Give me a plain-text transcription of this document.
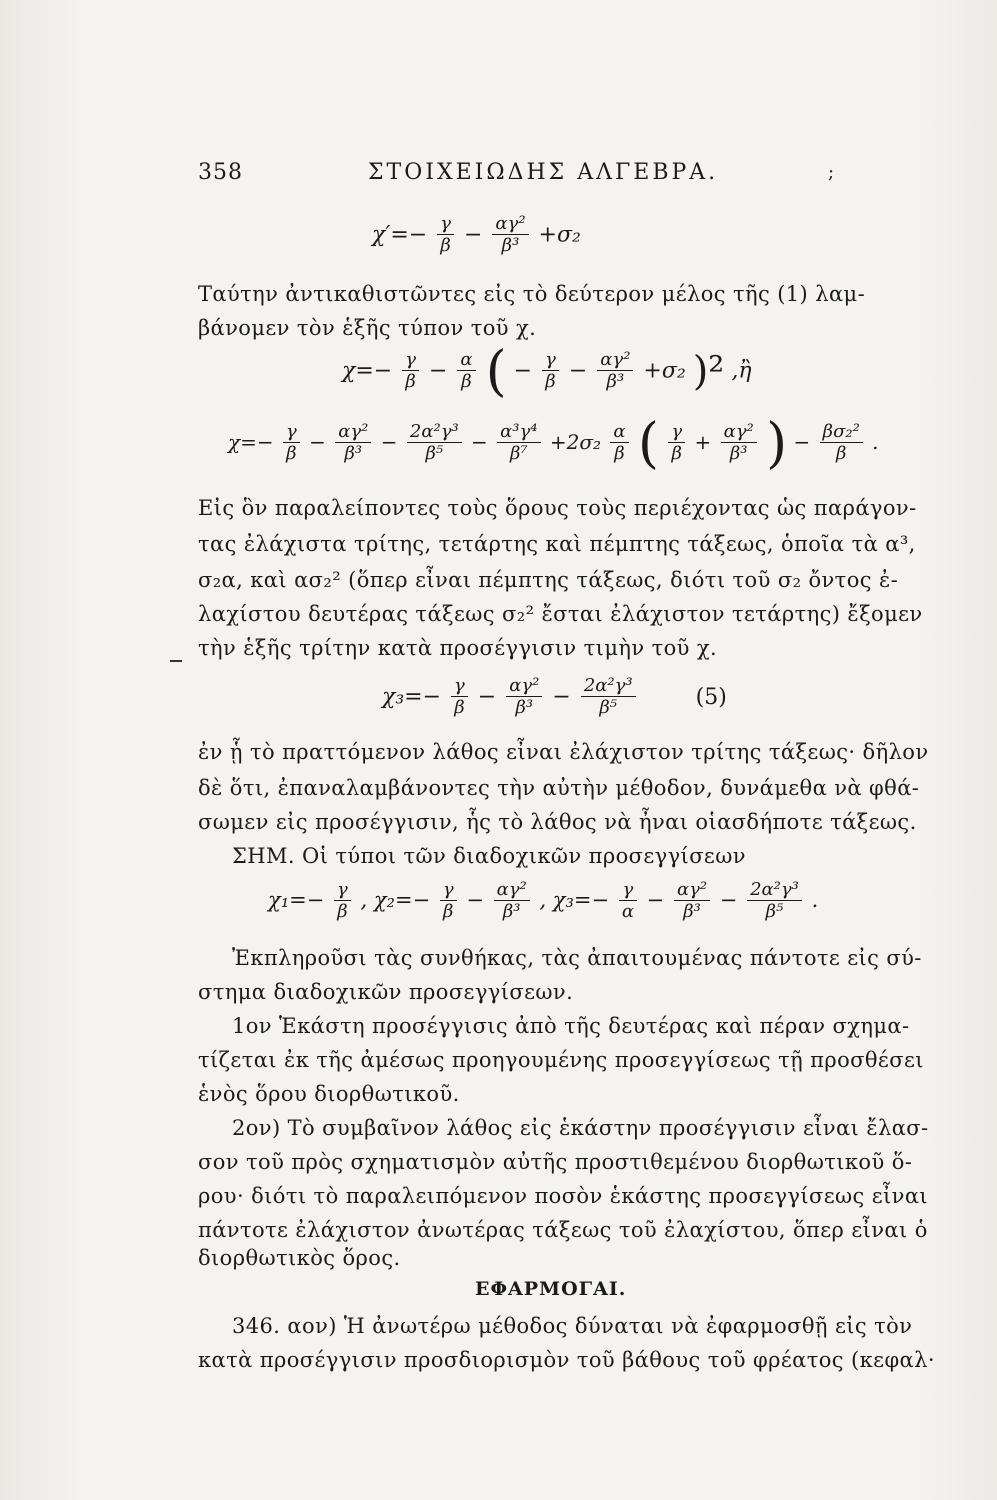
358	ΣΤΟΙΧΕΙΩΔΗΣ ΑΛΓΕΒΡΑ.	;
$\chi'=- \frac{\gamma}{\beta} - \frac{\text{αγ²}}{\text{β³}} +\sigma_2$
Ταύτην ἀντικαθιστῶντες εἰς τὸ δεύτερον μέλος τῆς (1) λαμ-
βάνομεν τὸν ἑξῆς τύπον τοῦ χ.
$\chi=- \frac{\gamma}{\beta} - \frac{\alpha}{\beta}$ ( − $\frac{\gamma}{\beta} - \frac{\text{αγ²}}{\text{β³}} +\sigma_2$ )² ,ἢ
$\chi=- \frac{\gamma}{\beta} - \frac{\text{αγ²}}{\text{β³}} - \frac{\text{2α²γ³}}{\text{β⁵}} - \frac{\text{α³γ⁴}}{\text{β⁷}} +2\sigma_2 \frac{\alpha}{\beta}$ ( $\frac{\gamma}{\beta} + \frac{\text{αγ²}}{\text{β³}}$ ) − $\frac{\text{βσ₂²}}{\beta}$ .
Εἰς ὃν παραλείποντες τοὺς ὅρους τοὺς περιέχοντας ὡς παράγον-
τας ἐλάχιστα τρίτης, τετάρτης καὶ πέμπτης τάξεως, ὁποῖα τὰ α³,
σ₂α, καὶ ασ₂² (ὅπερ εἶναι πέμπτης τάξεως, διότι τοῦ σ₂ ὄντος ἐ-
λαχίστου δευτέρας τάξεως σ₂² ἔσται ἐλάχιστον τετάρτης) ἔξομεν
τὴν ἑξῆς τρίτην κατὰ προσέγγισιν τιμὴν τοῦ χ.
$\chi_3=- \frac{\gamma}{\beta} - \frac{\text{αγ²}}{\text{β³}} - \frac{\text{2α²γ³}}{\text{β⁵}}$	(5)
ἐν ᾗ τὸ πραττόμενον λάθος εἶναι ἐλάχιστον τρίτης τάξεως· δῆλον
δὲ ὅτι, ἐπαναλαμβάνοντες τὴν αὐτὴν μέθοδον, δυνάμεθα νὰ φθά-
σωμεν εἰς προσέγγισιν, ἧς τὸ λάθος νὰ ἦναι οἱασδήποτε τάξεως.
ΣΗΜ. Οἱ τύποι τῶν διαδοχικῶν προσεγγίσεων
$\chi_1=- \frac{\gamma}{\beta}$ , $\chi_2=- \frac{\gamma}{\beta} - \frac{\text{αγ²}}{\text{β³}}$ , $\chi_3=- \frac{\gamma}{\alpha} - \frac{\text{αγ²}}{\text{β³}} - \frac{\text{2α²γ³}}{\text{β⁵}}$ .
Ἐκπληροῦσι τὰς συνθήκας, τὰς ἀπαιτουμένας πάντοτε εἰς σύ-
στημα διαδοχικῶν προσεγγίσεων.
1ον Ἑκάστη προσέγγισις ἀπὸ τῆς δευτέρας καὶ πέραν σχημα-
τίζεται ἐκ τῆς ἀμέσως προηγουμένης προσεγγίσεως τῇ προσθέσει
ἑνὸς ὅρου διορθωτικοῦ.
2ον) Τὸ συμβαῖνον λάθος εἰς ἑκάστην προσέγγισιν εἶναι ἔλασ-
σον τοῦ πρὸς σχηματισμὸν αὐτῆς προστιθεμένου διορθωτικοῦ ὅ-
ρου· διότι τὸ παραλειπόμενον ποσὸν ἑκάστης προσεγγίσεως εἶναι
πάντοτε ἐλάχιστον ἀνωτέρας τάξεως τοῦ ἐλαχίστου, ὅπερ εἶναι ὁ
διορθωτικὸς ὅρος.
ΕΦΑΡΜΟΓΑΙ.
346. αον) Ἡ ἀνωτέρω μέθοδος δύναται νὰ ἐφαρμοσθῇ εἰς τὸν
κατὰ προσέγγισιν προσδιορισμὸν τοῦ βάθους τοῦ φρέατος (κεφαλ·
